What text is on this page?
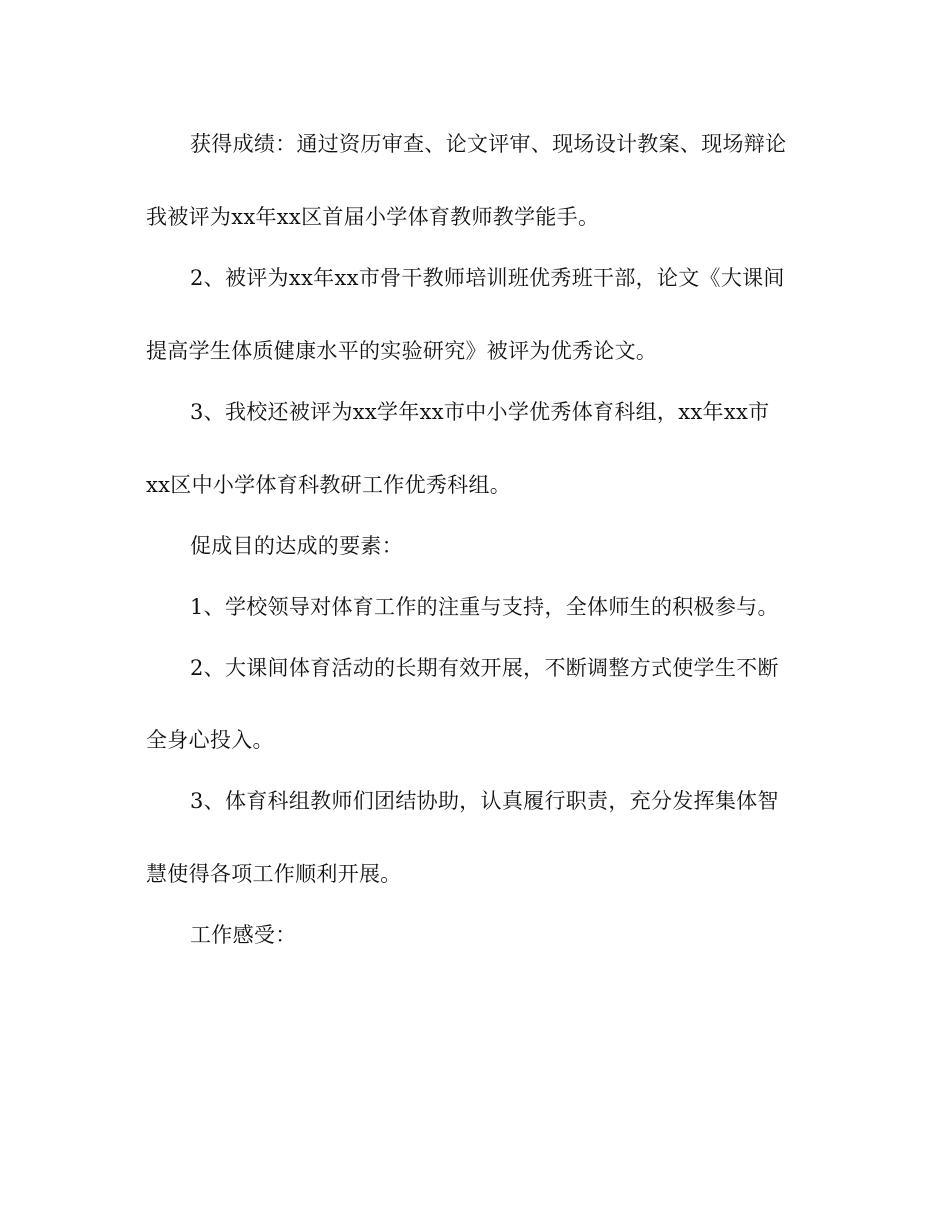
获得成绩：通过资历审查、论文评审、现场设计教案、现场辩论
我被评为xx年xx区首届小学体育教师教学能手。
2、被评为xx年xx市骨干教师培训班优秀班干部，论文《大课间
提高学生体质健康水平的实验研究》被评为优秀论文。
3、我校还被评为xx学年xx市中小学优秀体育科组，xx年xx市
xx区中小学体育科教研工作优秀科组。
促成目的达成的要素：
1、学校领导对体育工作的注重与支持，全体师生的积极参与。
2、大课间体育活动的长期有效开展，不断调整方式使学生不断
全身心投入。
3、体育科组教师们团结协助，认真履行职责，充分发挥集体智
慧使得各项工作顺利开展。
工作感受：
